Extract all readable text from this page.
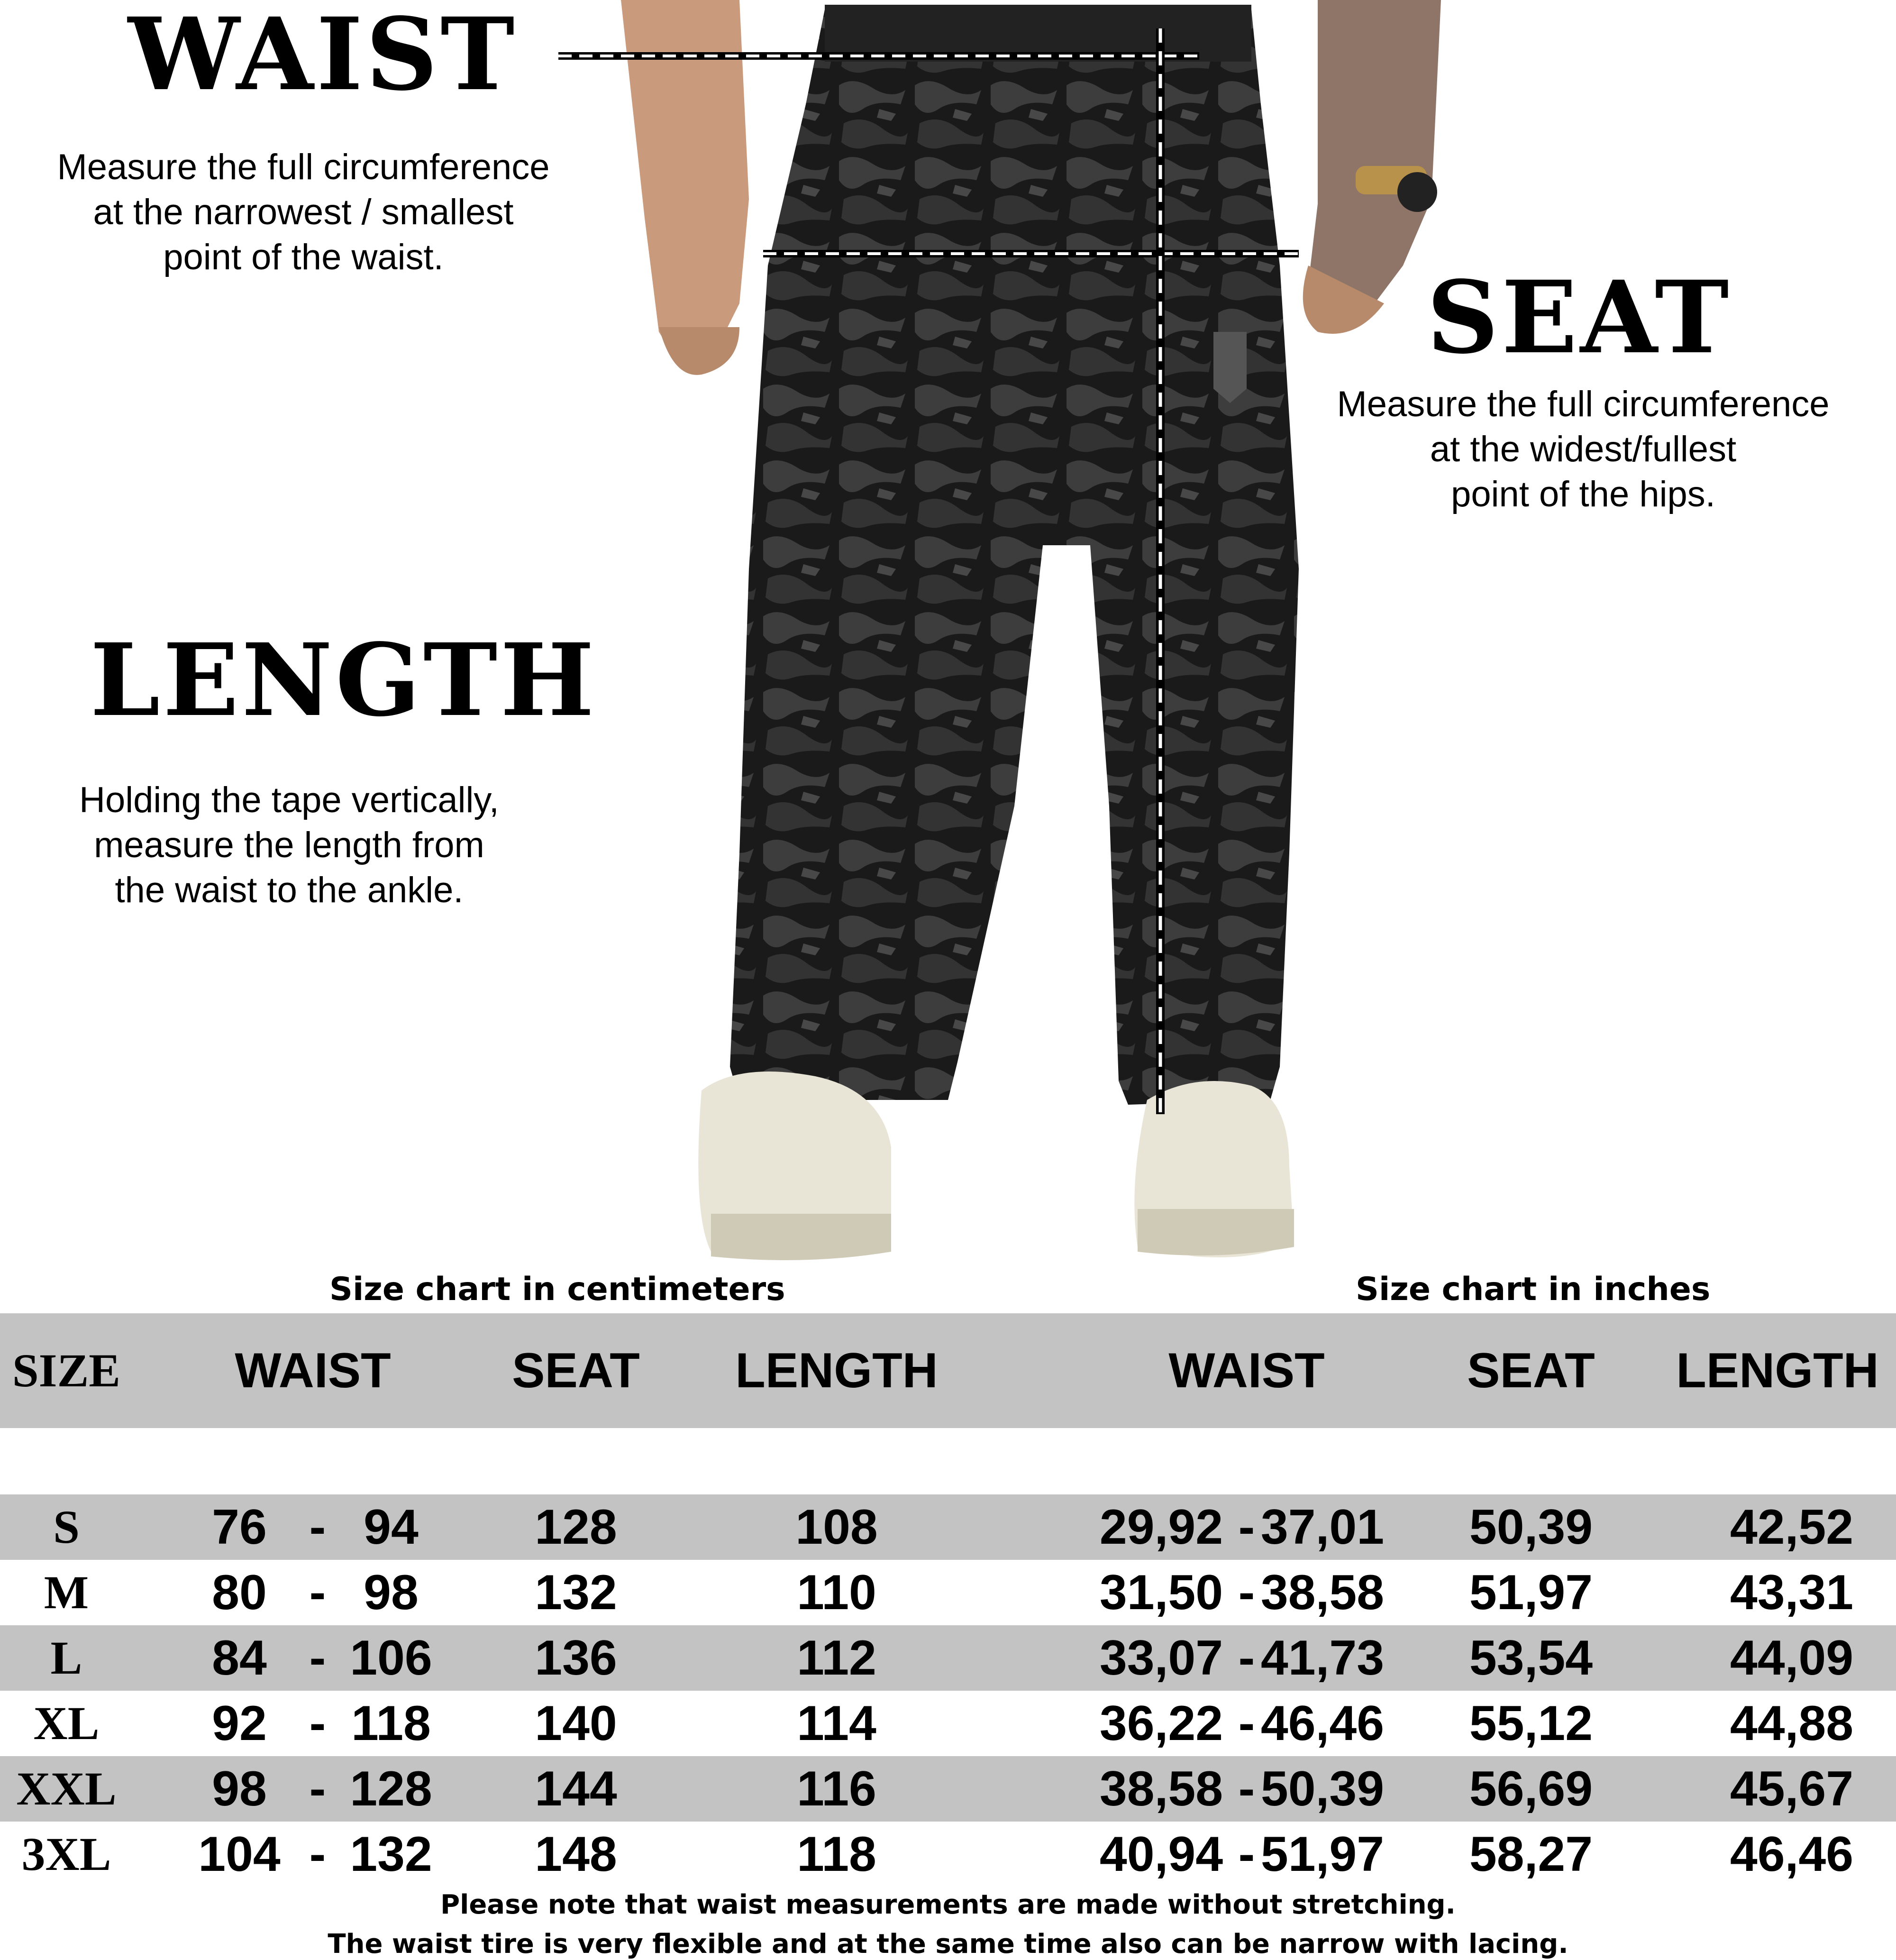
WAIST
Measure the full circumference
at the narrowest / smallest
point of the waist.
SEAT
Measure the full circumference
at the widest/fullest
point of the hips.
LENGTH
Holding the tape vertically,
measure the length from
the waist to the ankle.
Size chart in centimeters	Size chart in inches
SIZE	WAIST	SEAT	LENGTH	WAIST	SEAT	LENGTH
S	76 - 94	128	108	29,92 - 37,01	50,39	42,52
M	80 - 98	132	110	31,50 - 38,58	51,97	43,31
L	84 - 106	136	112	33,07 - 41,73	53,54	44,09
XL	92 - 118	140	114	36,22 - 46,46	55,12	44,88
XXL	98 - 128	144	116	38,58 - 50,39	56,69	45,67
3XL	104 - 132	148	118	40,94 - 51,97	58,27	46,46
Please note that waist measurements are made without stretching.
The waist tire is very flexible and at the same time also can be narrow with lacing.
